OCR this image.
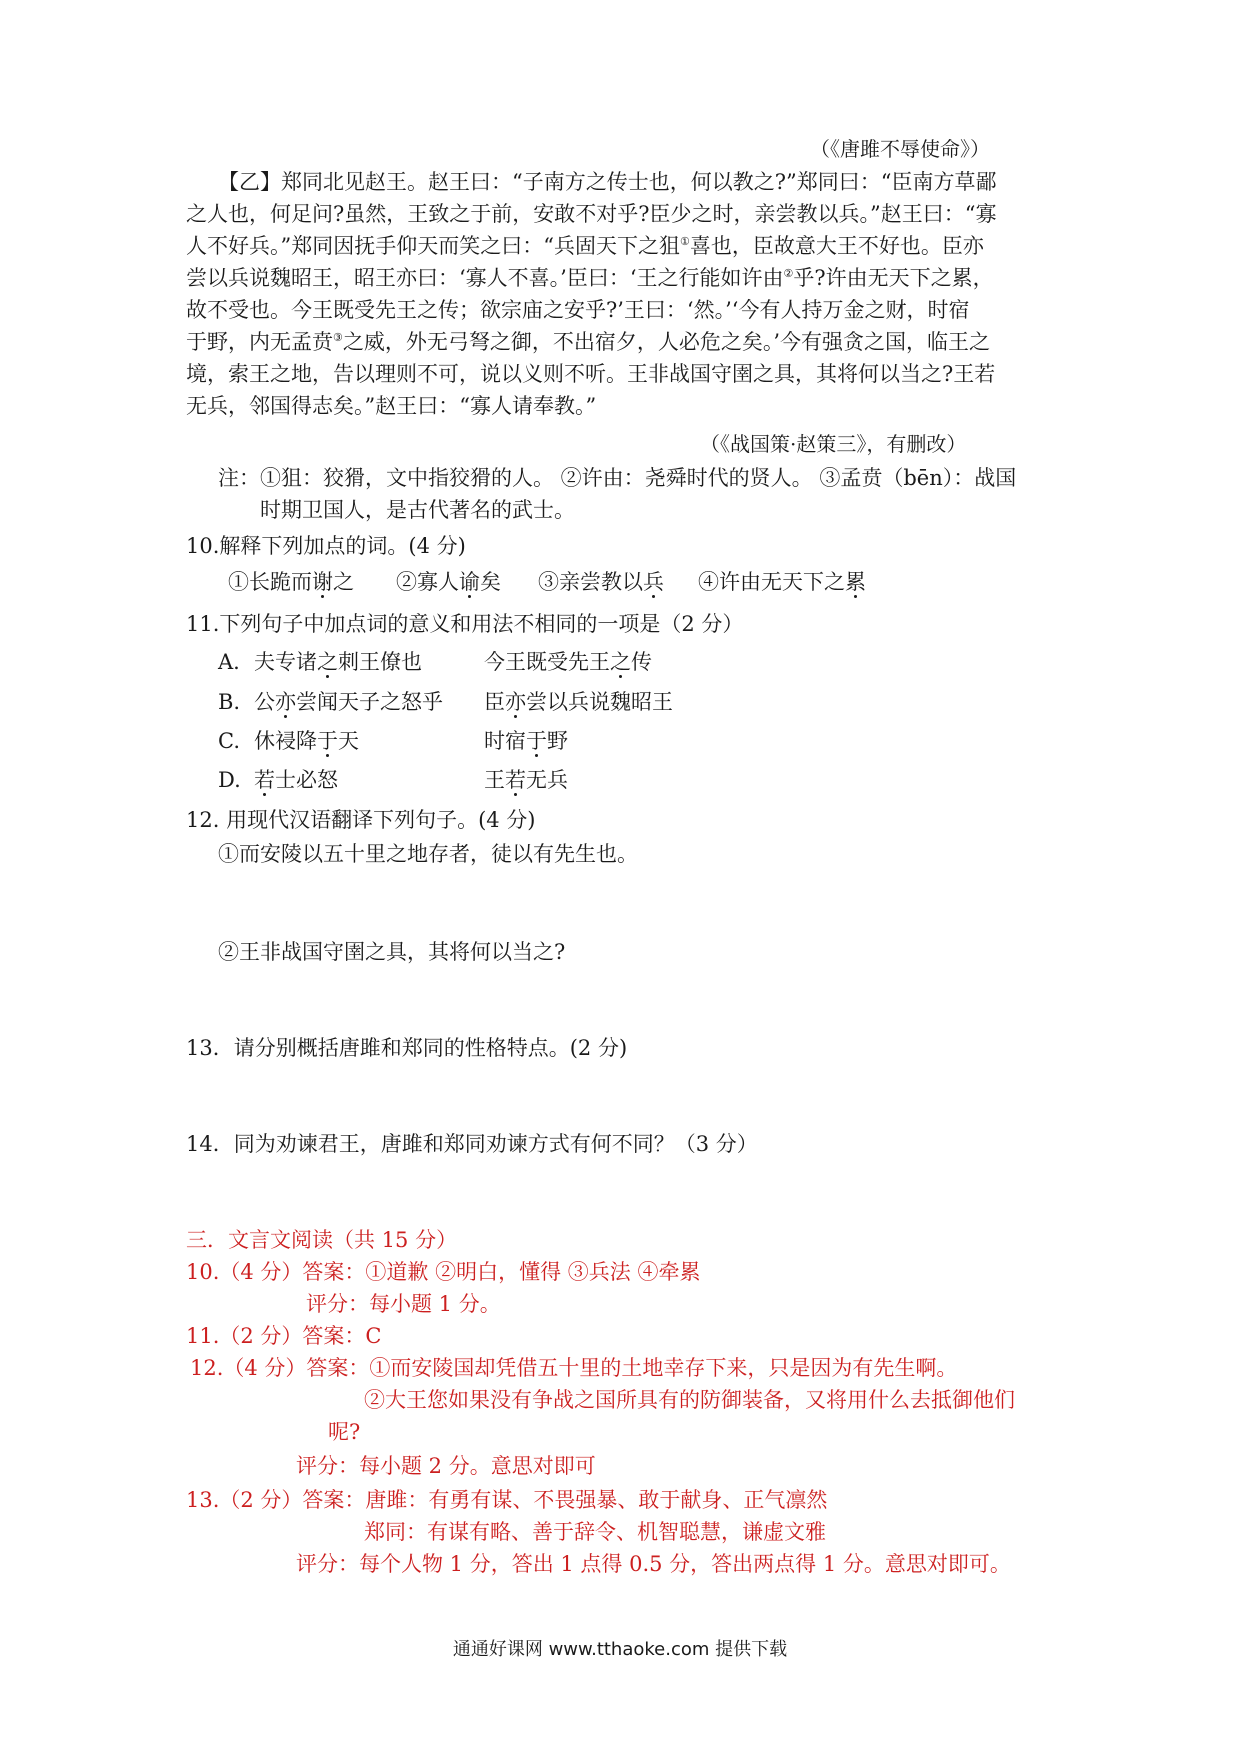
（《唐雎不辱使命》）
【乙】郑同北见赵王。赵王曰：“子南方之传士也，何以教之?”郑同曰：“臣南方草鄙
之人也，何足问?虽然，王致之于前，安敢不对乎?臣少之时，亲尝教以兵。”赵王曰：“寡
人不好兵。”郑同因抚手仰天而笑之曰：“兵固天下之狙①喜也，臣故意大王不好也。臣亦
尝以兵说魏昭王，昭王亦曰：‘寡人不喜。’臣曰：‘王之行能如许由②乎?许由无天下之累，
故不受也。今王既受先王之传；欲宗庙之安乎?’王曰：‘然。’‘今有人持万金之财，时宿
于野，内无孟贲③之威，外无弓弩之御，不出宿夕，人必危之矣。’今有强贪之国，临王之
境，索王之地，告以理则不可，说以义则不听。王非战国守圉之具，其将何以当之?王若
无兵，邻国得志矣。”赵王曰：“寡人请奉教。”
（《战国策·赵策三》，有删改）
注：①狙：狡猾，文中指狡猾的人。 ②许由：尧舜时代的贤人。 ③孟贲（bēn）：战国
时期卫国人，是古代著名的武士。
10.解释下列加点的词。(4 分)
①长跪而谢之 ②寡人谕矣 ③亲尝教以兵 ④许由无天下之累
11.下列句子中加点词的意义和用法不相同的一项是（2 分）
A. 夫专诸之刺王僚也	今王既受先王之传
B. 公亦尝闻天子之怒乎 臣亦尝以兵说魏昭王
C. 休祲降于天	时宿于野
D. 若士必怒	王若无兵
12. 用现代汉语翻译下列句子。(4 分)
①而安陵以五十里之地存者，徒以有先生也。
②王非战国守圉之具，其将何以当之?
13．请分别概括唐雎和郑同的性格特点。(2 分)
14．同为劝谏君王，唐雎和郑同劝谏方式有何不同？（3 分）
三．文言文阅读（共 15 分）
10.（4 分）答案：①道歉 ②明白，懂得 ③兵法 ④牵累
评分：每小题 1 分。
11.（2 分）答案：C
12.（4 分）答案：①而安陵国却凭借五十里的土地幸存下来，只是因为有先生啊。
②大王您如果没有争战之国所具有的防御装备，又将用什么去抵御他们
呢?
评分：每小题 2 分。意思对即可
13.（2 分）答案：唐雎：有勇有谋、不畏强暴、敢于献身、正气凛然
郑同：有谋有略、善于辞令、机智聪慧，谦虚文雅
评分：每个人物 1 分，答出 1 点得 0.5 分，答出两点得 1 分。意思对即可。
通通好课网 www.tthaoke.com 提供下载
